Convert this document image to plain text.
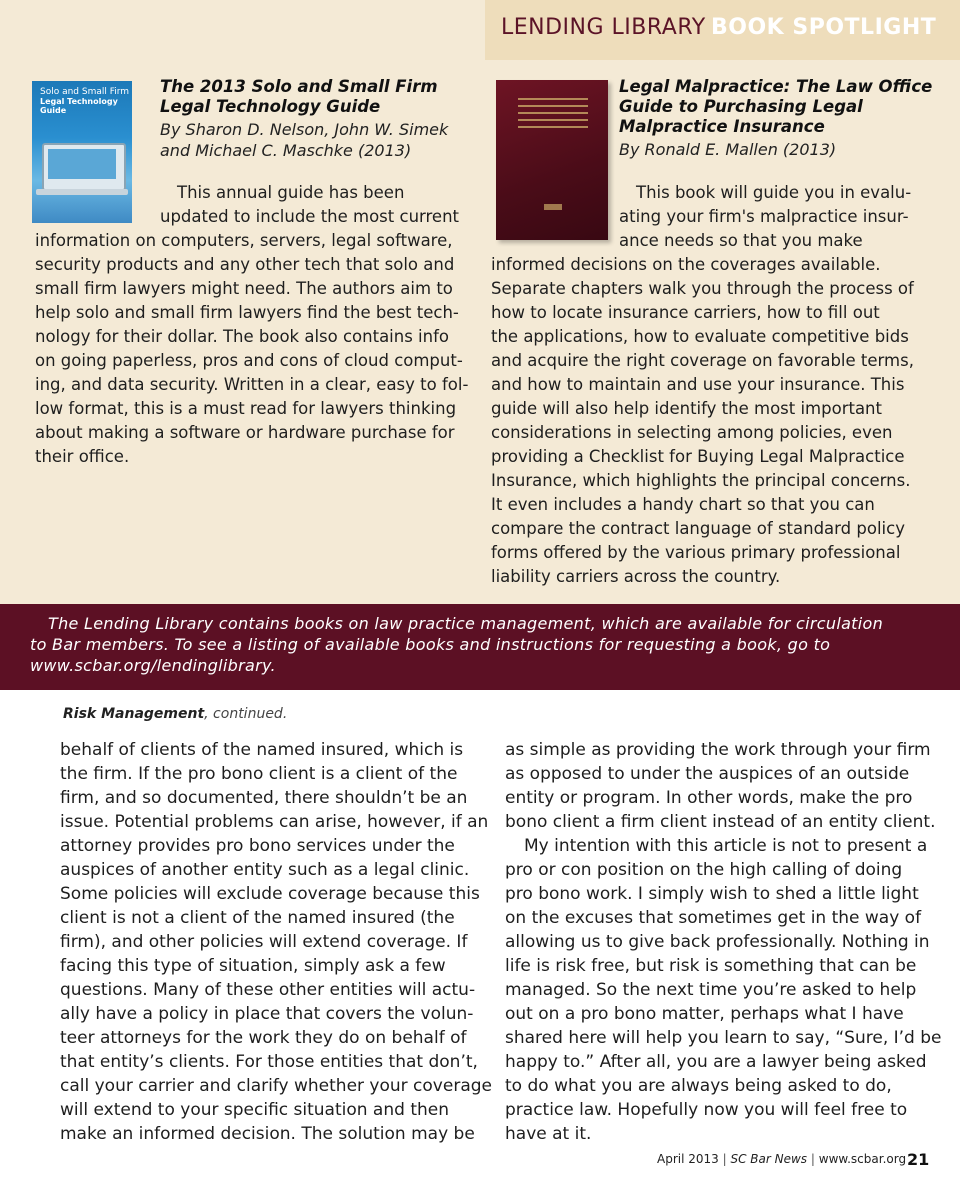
LENDING LIBRARY BOOK SPOTLIGHT
Solo and Small Firm
Legal Technology Guide
The 2013 Solo and Small Firm
Legal Technology Guide
By Sharon D. Nelson, John W. Simek
and Michael C. Maschke (2013)
This annual guide has been
updated to include the most current
information on computers, servers, legal software,
security products and any other tech that solo and
small firm lawyers might need. The authors aim to
help solo and small firm lawyers find the best tech-
nology for their dollar. The book also contains info
on going paperless, pros and cons of cloud comput-
ing, and data security. Written in a clear, easy to fol-
low format, this is a must read for lawyers thinking
about making a software or hardware purchase for
their office.
Legal Malpractice: The Law Office
Guide to Purchasing Legal
Malpractice Insurance
By Ronald E. Mallen (2013)
This book will guide you in evalu-
ating your firm's malpractice insur-
ance needs so that you make
informed decisions on the coverages available.
Separate chapters walk you through the process of
how to locate insurance carriers, how to fill out
the applications, how to evaluate competitive bids
and acquire the right coverage on favorable terms,
and how to maintain and use your insurance. This
guide will also help identify the most important
considerations in selecting among policies, even
providing a Checklist for Buying Legal Malpractice
Insurance, which highlights the principal concerns.
It even includes a handy chart so that you can
compare the contract language of standard policy
forms offered by the various primary professional
liability carriers across the country.
The Lending Library contains books on law practice management, which are available for circulation
to Bar members. To see a listing of available books and instructions for requesting a book, go to
www.scbar.org/lendinglibrary.
Risk Management, continued.
behalf of clients of the named insured, which is
the firm. If the pro bono client is a client of the
firm, and so documented, there shouldn’t be an
issue. Potential problems can arise, however, if an
attorney provides pro bono services under the
auspices of another entity such as a legal clinic.
Some policies will exclude coverage because this
client is not a client of the named insured (the
firm), and other policies will extend coverage. If
facing this type of situation, simply ask a few
questions. Many of these other entities will actu-
ally have a policy in place that covers the volun-
teer attorneys for the work they do on behalf of
that entity’s clients. For those entities that don’t,
call your carrier and clarify whether your coverage
will extend to your specific situation and then
make an informed decision. The solution may be
as simple as providing the work through your firm
as opposed to under the auspices of an outside
entity or program. In other words, make the pro
bono client a firm client instead of an entity client.
My intention with this article is not to present a
pro or con position on the high calling of doing
pro bono work. I simply wish to shed a little light
on the excuses that sometimes get in the way of
allowing us to give back professionally. Nothing in
life is risk free, but risk is something that can be
managed. So the next time you’re asked to help
out on a pro bono matter, perhaps what I have
shared here will help you learn to say, “Sure, I’d be
happy to.” After all, you are a lawyer being asked
to do what you are always being asked to do,
practice law. Hopefully now you will feel free to
have at it.
April 2013 | SC Bar News | www.scbar.org 21
